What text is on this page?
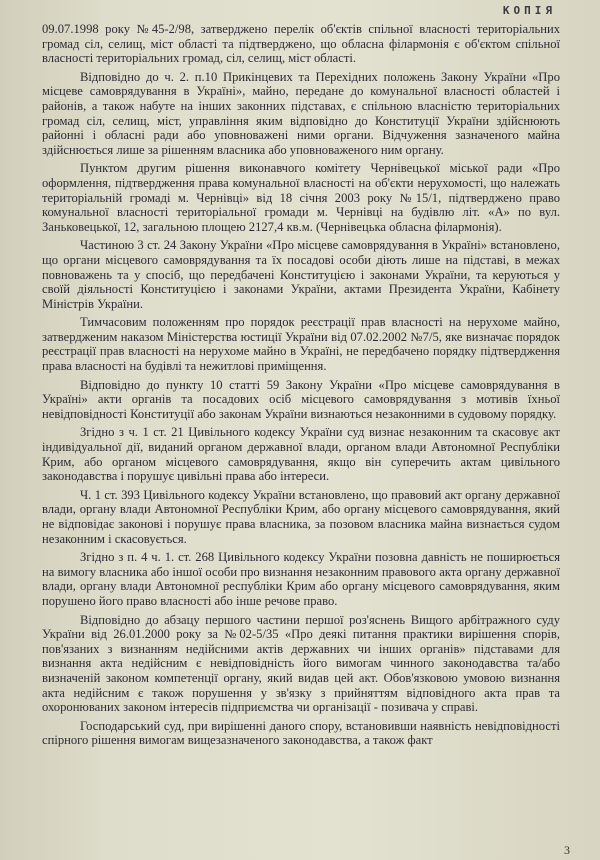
КОПІЯ

09.07.1998 року №45-2/98, затверджено перелік об'єктів спільної власності територіальних громад сіл, селищ, міст області та підтверджено, що обласна філармонія є об'єктом спільної власності територіальних громад, сіл, селищ, міст області.

Відповідно до ч. 2. п.10 Прикінцевих та Перехідних положень Закону України «Про місцеве самоврядування в Україні», майно, передане до комунальної власності областей і районів, а також набуте на інших законних підставах, є спільною власністю територіальних громад сіл, селищ, міст, управління яким відповідно до Конституції України здійснюють районні і обласні ради або уповноважені ними органи. Відчуження зазначеного майна здійснюється лише за рішенням власника або уповноваженого ним органу.

Пунктом другим рішення виконавчого комітету Чернівецької міської ради «Про оформлення, підтвердження права комунальної власності на об'єкти нерухомості, що належать територіальній громаді м. Чернівці» від 18 січня 2003 року №15/1, підтверджено право комунальної власності територіальної громади м. Чернівці на будівлю літ. «А» по вул. Заньковецької, 12, загальною площею 2127,4 кв.м. (Чернівецька обласна філармонія).

Частиною 3 ст. 24 Закону України «Про місцеве самоврядування в Україні» встановлено, що органи місцевого самоврядування та їх посадові особи діють лише на підставі, в межах повноважень та у спосіб, що передбачені Конституцією і законами України, та керуються у своїй діяльності Конституцією і законами України, актами Президента України, Кабінету Міністрів України.

Тимчасовим положенням про порядок реєстрації прав власності на нерухоме майно, затвердженим наказом Міністерства юстиції України від 07.02.2002 №7/5, яке визначає порядок реєстрації прав власності на нерухоме майно в Україні, не передбачено порядку підтвердження права власності на будівлі та нежитлові приміщення.

Відповідно до пункту 10 статті 59 Закону України «Про місцеве самоврядування в Україні» акти органів та посадових осіб місцевого самоврядування з мотивів їхньої невідповідності Конституції або законам України визнаються незаконними в судовому порядку.

Згідно з ч. 1 ст. 21 Цивільного кодексу України суд визнає незаконним та скасовує акт індивідуальної дії, виданий органом державної влади, органом влади Автономної Республіки Крим, або органом місцевого самоврядування, якщо він суперечить актам цивільного законодавства і порушує цивільні права або інтереси.

Ч. 1 ст. 393 Цивільного кодексу України встановлено, що правовий акт органу державної влади, органу влади Автономної Республіки Крим, або органу місцевого самоврядування, який не відповідає законові і порушує права власника, за позовом власника майна визнається судом незаконним і скасовується.

Згідно з п. 4 ч. 1. ст. 268 Цивільного кодексу України позовна давність не поширюється на вимогу власника або іншої особи про визнання незаконним правового акта органу державної влади, органу влади Автономної республіки Крим або органу місцевого самоврядування, яким порушено його право власності або інше речове право.

Відповідно до абзацу першого частини першої роз'яснень Вищого арбітражного суду України від 26.01.2000 року за №02-5/35 «Про деякі питання практики вирішення спорів, пов'язаних з визнанням недійсними актів державних чи інших органів» підставами для визнання акта недійсним є невідповідність його вимогам чинного законодавства та/або визначеній законом компетенції органу, який видав цей акт. Обов'язковою умовою визнання акта недійсним є також порушення у зв'язку з прийняттям відповідного акта прав та охоронюваних законом інтересів підприємства чи організації - позивача у справі.

Господарський суд, при вирішенні даного спору, встановивши наявність невідповідності спірного рішення вимогам вищезазначеного законодавства, а також факт

3
